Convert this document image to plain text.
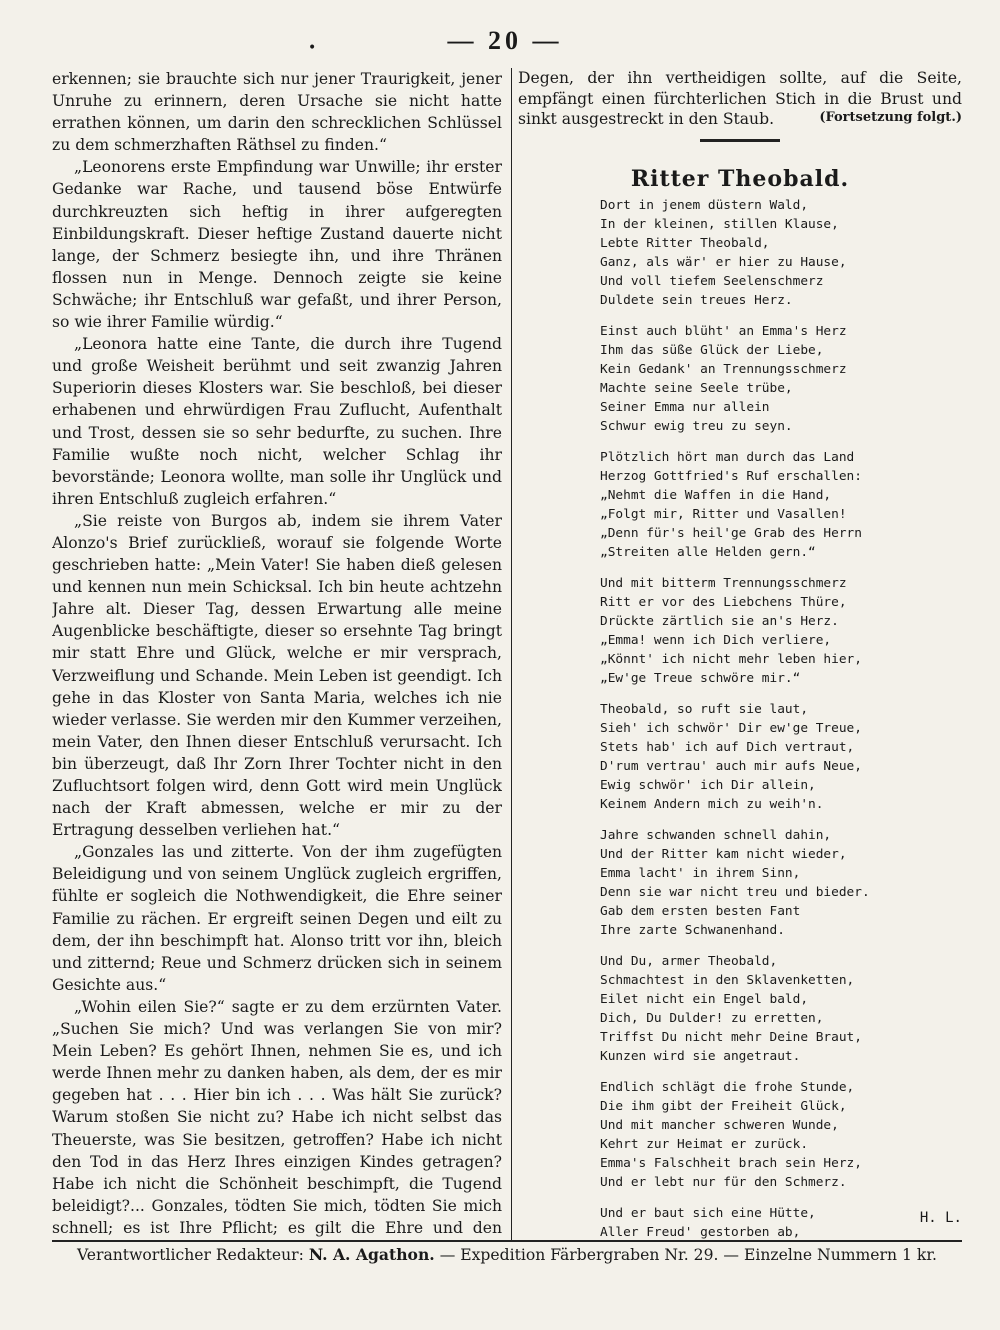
•	— 20 —

erkennen; sie brauchte sich nur jener Traurigkeit, jener Unruhe zu erinnern, deren Ursache sie nicht hatte errathen können, um darin den schrecklichen Schlüssel zu dem schmerzhaften Räthsel zu finden.“

„Leonorens erste Empfindung war Unwille; ihr erster Gedanke war Rache, und tausend böse Entwürfe durchkreuzten sich heftig in ihrer aufgeregten Einbildungskraft. Dieser heftige Zustand dauerte nicht lange, der Schmerz besiegte ihn, und ihre Thränen flossen nun in Menge. Dennoch zeigte sie keine Schwäche; ihr Entschluß war gefaßt, und ihrer Person, so wie ihrer Familie würdig.“

„Leonora hatte eine Tante, die durch ihre Tugend und große Weisheit berühmt und seit zwanzig Jahren Superiorin dieses Klosters war. Sie beschloß, bei dieser erhabenen und ehrwürdigen Frau Zuflucht, Aufenthalt und Trost, dessen sie so sehr bedurfte, zu suchen. Ihre Familie wußte noch nicht, welcher Schlag ihr bevorstände; Leonora wollte, man solle ihr Unglück und ihren Entschluß zugleich erfahren.“

„Sie reiste von Burgos ab, indem sie ihrem Vater Alonzo's Brief zurückließ, worauf sie folgende Worte geschrieben hatte: „Mein Vater! Sie haben dieß gelesen und kennen nun mein Schicksal. Ich bin heute achtzehn Jahre alt. Dieser Tag, dessen Erwartung alle meine Augenblicke beschäftigte, dieser so ersehnte Tag bringt mir statt Ehre und Glück, welche er mir versprach, Verzweiflung und Schande. Mein Leben ist geendigt. Ich gehe in das Kloster von Santa Maria, welches ich nie wieder verlasse. Sie werden mir den Kummer verzeihen, mein Vater, den Ihnen dieser Entschluß verursacht. Ich bin überzeugt, daß Ihr Zorn Ihrer Tochter nicht in den Zufluchtsort folgen wird, denn Gott wird mein Unglück nach der Kraft abmessen, welche er mir zu der Ertragung desselben verliehen hat.“

„Gonzales las und zitterte. Von der ihm zugefügten Beleidigung und von seinem Unglück zugleich ergriffen, fühlte er sogleich die Nothwendigkeit, die Ehre seiner Familie zu rächen. Er ergreift seinen Degen und eilt zu dem, der ihn beschimpft hat. Alonso tritt vor ihn, bleich und zitternd; Reue und Schmerz drücken sich in seinem Gesichte aus.“

„Wohin eilen Sie?“ sagte er zu dem erzürnten Vater. „Suchen Sie mich? Und was verlangen Sie von mir? Mein Leben? Es gehört Ihnen, nehmen Sie es, und ich werde Ihnen mehr zu danken haben, als dem, der es mir gegeben hat . . . Hier bin ich . . . Was hält Sie zurück? Warum stoßen Sie nicht zu? Habe ich nicht selbst das Theuerste, was Sie besitzen, getroffen? Habe ich nicht den Tod in das Herz Ihres einzigen Kindes getragen? Habe ich nicht die Schönheit beschimpft, die Tugend beleidigt?... Gonzales, tödten Sie mich, tödten Sie mich schnell; es ist Ihre Pflicht; es gilt die Ehre und den

Degen, der ihn vertheidigen sollte, auf die Seite, empfängt einen fürchterlichen Stich in die Brust und sinkt ausgestreckt in den Staub.	(Fortsetzung folgt.)
Ritter Theobald.
Dort in jenem düstern Wald,
In der kleinen, stillen Klause,
Lebte Ritter Theobald,
Ganz, als wär' er hier zu Hause,
Und voll tiefem Seelenschmerz
Duldete sein treues Herz.
Einst auch blüht' an Emma's Herz
Ihm das süße Glück der Liebe,
Kein Gedank' an Trennungsschmerz
Machte seine Seele trübe,
Seiner Emma nur allein
Schwur ewig treu zu seyn.
Plötzlich hört man durch das Land
Herzog Gottfried's Ruf erschallen:
„Nehmt die Waffen in die Hand,
„Folgt mir, Ritter und Vasallen!
„Denn für's heil'ge Grab des Herrn
„Streiten alle Helden gern.“
Und mit bitterm Trennungsschmerz
Ritt er vor des Liebchens Thüre,
Drückte zärtlich sie an's Herz.
„Emma! wenn ich Dich verliere,
„Könnt' ich nicht mehr leben hier,
„Ew'ge Treue schwöre mir.“
Theobald, so ruft sie laut,
Sieh' ich schwör' Dir ew'ge Treue,
Stets hab' ich auf Dich vertraut,
D'rum vertrau' auch mir aufs Neue,
Ewig schwör' ich Dir allein,
Keinem Andern mich zu weih'n.
Jahre schwanden schnell dahin,
Und der Ritter kam nicht wieder,
Emma lacht' in ihrem Sinn,
Denn sie war nicht treu und bieder.
Gab dem ersten besten Fant
Ihre zarte Schwanenhand.
Und Du, armer Theobald,
Schmachtest in den Sklavenketten,
Eilet nicht ein Engel bald,
Dich, Du Dulder! zu erretten,
Triffst Du nicht mehr Deine Braut,
Kunzen wird sie angetraut.
Endlich schlägt die frohe Stunde,
Die ihm gibt der Freiheit Glück,
Und mit mancher schweren Wunde,
Kehrt zur Heimat er zurück.
Emma's Falschheit brach sein Herz,
Und er lebt nur für den Schmerz.
Und er baut sich eine Hütte,
Aller Freud' gestorben ab,
H. L.
Verantwortlicher Redakteur: N. A. Agathon. — Expedition Färbergraben Nr. 29. — Einzelne Nummern 1 kr.
